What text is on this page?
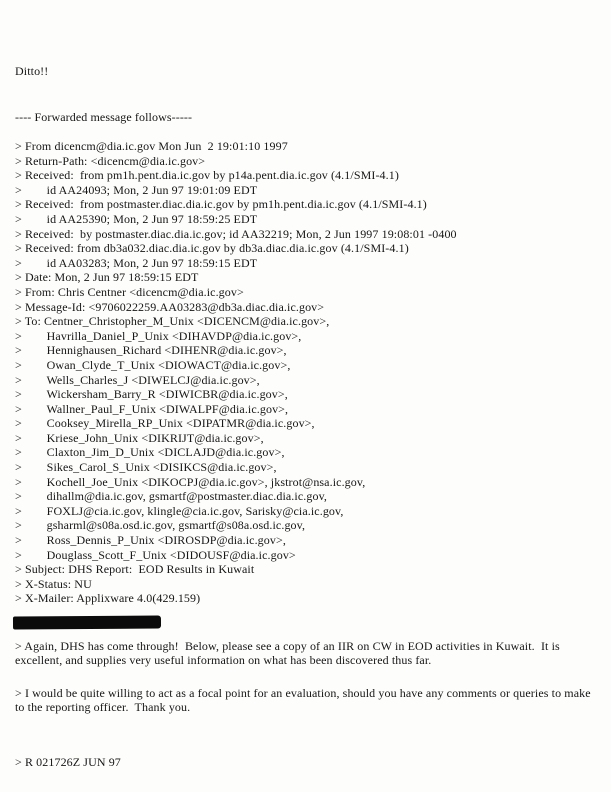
Ditto!!
---- Forwarded message follows-----
> From dicencm@dia.ic.gov Mon Jun  2 19:01:10 1997
> Return-Path: <dicencm@dia.ic.gov>
> Received:  from pm1h.pent.dia.ic.gov by p14a.pent.dia.ic.gov (4.1/SMI-4.1)
>        id AA24093; Mon, 2 Jun 97 19:01:09 EDT
> Received:  from postmaster.diac.dia.ic.gov by pm1h.pent.dia.ic.gov (4.1/SMI-4.1)
>        id AA25390; Mon, 2 Jun 97 18:59:25 EDT
> Received:  by postmaster.diac.dia.ic.gov; id AA32219; Mon, 2 Jun 1997 19:08:01 -0400
> Received: from db3a032.diac.dia.ic.gov by db3a.diac.dia.ic.gov (4.1/SMI-4.1)
>        id AA03283; Mon, 2 Jun 97 18:59:15 EDT
> Date: Mon, 2 Jun 97 18:59:15 EDT
> From: Chris Centner <dicencm@dia.ic.gov>
> Message-Id: <9706022259.AA03283@db3a.diac.dia.ic.gov>
> To: Centner_Christopher_M_Unix <DICENCM@dia.ic.gov>,
>        Havrilla_Daniel_P_Unix <DIHAVDP@dia.ic.gov>,
>        Hennighausen_Richard <DIHENR@dia.ic.gov>,
>        Owan_Clyde_T_Unix <DIOWACT@dia.ic.gov>,
>        Wells_Charles_J <DIWELCJ@dia.ic.gov>,
>        Wickersham_Barry_R <DIWICBR@dia.ic.gov>,
>        Wallner_Paul_F_Unix <DIWALPF@dia.ic.gov>,
>        Cooksey_Mirella_RP_Unix <DIPATMR@dia.ic.gov>,
>        Kriese_John_Unix <DIKRIJT@dia.ic.gov>,
>        Claxton_Jim_D_Unix <DICLAJD@dia.ic.gov>,
>        Sikes_Carol_S_Unix <DISIKCS@dia.ic.gov>,
>        Kochell_Joe_Unix <DIKOCPJ@dia.ic.gov>, jkstrot@nsa.ic.gov,
>        dihallm@dia.ic.gov, gsmartf@postmaster.diac.dia.ic.gov,
>        FOXLJ@cia.ic.gov, klingle@cia.ic.gov, Sarisky@cia.ic.gov,
>        gsharml@s08a.osd.ic.gov, gsmartf@s08a.osd.ic.gov,
>        Ross_Dennis_P_Unix <DIROSDP@dia.ic.gov>,
>        Douglass_Scott_F_Unix <DIDOUSF@dia.ic.gov>
> Subject: DHS Report:  EOD Results in Kuwait
> X-Status: NU
> X-Mailer: Applixware 4.0(429.159)
> Again, DHS has come through!  Below, please see a copy of an IIR on CW in EOD activities in Kuwait.  It is excellent, and supplies very useful information on what has been discovered thus far.
> I would be quite willing to act as a focal point for an evaluation, should you have any comments or queries to make to the reporting officer.  Thank you.
> R 021726Z JUN 97
